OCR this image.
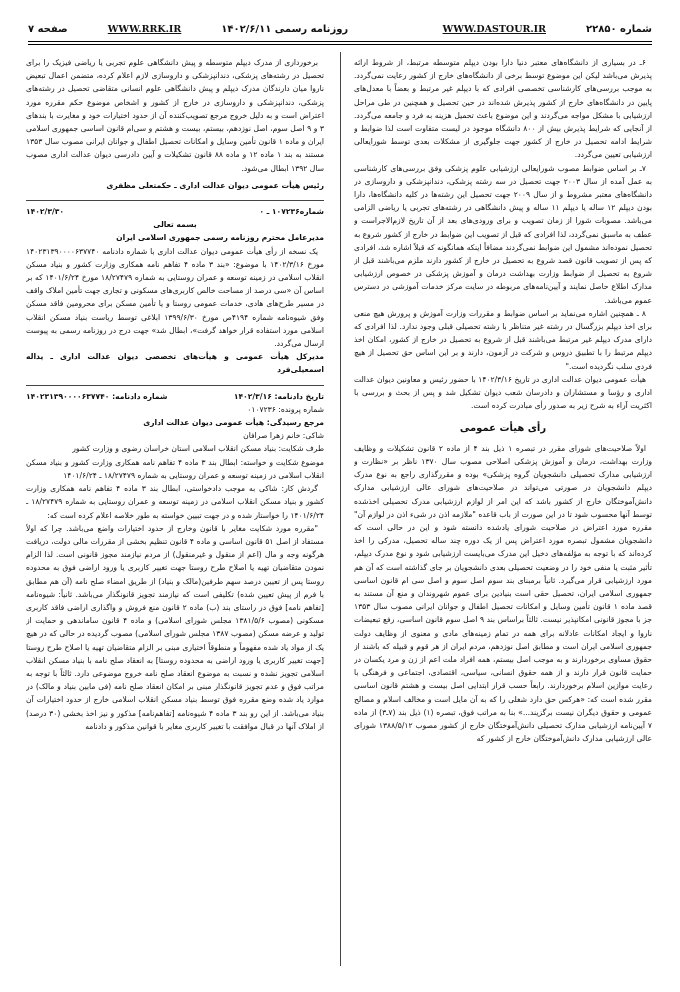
شماره ۲۲۸۵۰
WWW.DASTOUR.IR
روزنامه رسمی ۱۴۰۲/۶/۱۱
WWW.RRK.IR
صفحه ۷

۶ـ در بسیاری از دانشگاه‌های معتبر دنیا دارا بودن دیپلم متوسطه مرتبط، از شروط ارائه پذیرش می‌باشد لیکن این موضوع توسط برخی از دانشگاه‌های خارج از کشور رعایت نمی‌گردد. به موجب بررسی‌های کارشناسی تخصصی افرادی که با دیپلم غیر مرتبط و بعضاً با معدل‌های پایین در دانشگاه‌های خارج از کشور پذیرش شده‌اند در حین تحصیل و همچنین در طی مراحل ارزشیابی با مشکل مواجه می‌گردند و این موضوع باعث تحمیل هزینه به فرد و جامعه می‌گردد. از آنجایی که شرایط پذیرش بیش از ۸۰۰ دانشگاه موجود در لیست متفاوت است لذا ضوابط و شرایط ادامه تحصیل در خارج از کشور جهت جلوگیری از مشکلات بعدی توسط شورایعالی ارزشیابی تعیین می‌گردد.

۷ـ بر اساس ضوابط مصوب شورایعالی ارزشیابی علوم پزشکی وفق بررسی‌های کارشناسی به عمل آمده از سال ۲۰۰۳ جهت تحصیل در سه رشته پزشکی، دندانپزشکی و داروسازی در دانشگاه‌های معتبر مشروط و از سال ۲۰۰۹ جهت تحصیل این رشته‌ها در کلیه دانشگاه‌ها، دارا بودن دیپلم ۱۲ ساله یا دیپلم ۱۱ ساله و پیش دانشگاهی در رشته‌های تجربی یا ریاضی الزامی می‌باشد. مصوبات شورا از زمان تصویب و برای ورودی‌های بعد از آن تاریخ لازم‌الاجراست و عطف به ماسبق نمی‌گردد، لذا افرادی که قبل از تصویب این ضوابط در خارج از کشور شروع به تحصیل نموده‌اند مشمول این ضوابط نمی‌گردند مضافاً اینکه همانگونه که قبلاً اشاره شد، افرادی که پس از تصویب قانون قصد شروع به تحصیل در خارج از کشور دارند ملزم می‌باشند قبل از شروع به تحصیل از ضوابط وزارت بهداشت درمان و آموزش پزشکی در خصوص ارزشیابی مدارک اطلاع حاصل نمایند و آیین‌نامه‌های مربوطه در سایت مرکز خدمات آموزشی در دسترس عموم می‌باشد.

۸ ـ همچنین اشاره می‌نماید بر اساس ضوابط و مقررات وزارت آموزش و پرورش هیچ منعی برای اخذ دیپلم بزرگسال در رشته غیر متناظر با رشته تحصیلی قبلی وجود ندارد. لذا افرادی که دارای مدرک دیپلم غیر مرتبط می‌باشند قبل از شروع به تحصیل در خارج از کشور، امکان اخذ دیپلم مرتبط را با تطبیق دروس و شرکت در آزمون، دارند و بر این اساس حق تحصیل از هیچ فردی سلب نگردیده است."

هیأت عمومی دیوان عدالت اداری در تاریخ ۱۴۰۲/۳/۱۶ با حضور رئیس و معاونین دیوان عدالت اداری و رؤسا و مستشاران و دادرسان شعب دیوان تشکیل شد و پس از بحث و بررسی با اکثریت آراء به شرح زیر به صدور رأی مبادرت کرده است.

رأی هیأت عمومی

اولاً صلاحیت‌های شورای مقرر در تبصره ۱ ذیل بند ۴ از ماده ۲ قانون تشکیلات و وظایف وزارت بهداشت، درمان و آموزش پزشکی اصلاحی مصوب سال ۱۳۷۰ ناظر بر «نظارت و ارزشیابی مدارک تحصیلی دانشجویان گروه پزشکی» بوده و مقررگذاری راجع به نوع مدرک دیپلم دانشجویان در صورتی می‌تواند در صلاحیت‌های شورای عالی ارزشیابی مدارک دانش‌آموختگان خارج از کشور باشد که این امر از لوازم ارزشیابی مدرک تحصیلی اخذشده توسط آنها محسوب شود تا در این صورت از باب قاعده "ملازمه اذن در شیء اذن در لوازم آن" مقرره مورد اعتراض در صلاحیت شورای یادشده دانسته شود و این در حالی است که دانشجویان مشمول تبصره مورد اعتراض پس از یک دوره چند ساله تحصیل، مدرکی را اخذ کرده‌اند که با توجه به مؤلفه‌های دخیل این مدرک می‌بایست ارزشیابی شود و نوع مدرک دیپلم، تأثیر مثبت یا منفی خود را در وضعیت تحصیلی بعدی دانشجویان بر جای گذاشته است که آن هم مورد ارزشیابی قرار می‌گیرد. ثانیاً برمبنای بند سوم اصل سوم و اصل سی ام قانون اساسی جمهوری اسلامی ایران، تحصیل حقی است بنیادین برای عموم شهروندان و منع آن مستند به قصد ماده ۱ قانون تأمین وسایل و امکانات تحصیل اطفال و جوانان ایرانی مصوب سال ۱۳۵۳ جز با مجوز قانونی امکانپذیر نیست. ثالثاً براساس بند ۹ اصل سوم قانون اساسی، رفع تبعیضات ناروا و ایجاد امکانات عادلانه برای همه در تمام زمینه‌های مادی و معنوی از وظایف دولت جمهوری اسلامی ایران است و مطابق اصل نوزدهم، مردم ایران از هر قوم و قبیله که باشند از حقوق مساوی برخوردارند و به موجب اصل بیستم، همه افراد ملت اعم از زن و مرد یکسان در حمایت قانون قرار دارند و از همه حقوق انسانی، سیاسی، اقتصادی، اجتماعی و فرهنگی با رعایت موازین اسلام برخوردارند. رابعاً حسب قرار ابتدایی اصل بیست و هشتم قانون اساسی مقرر شده است که: «هرکس حق دارد شغلی را که به آن مایل است و مخالف اسلام و مصالح عمومی و حقوق دیگران نیست برگزیند...» بنا به مراتب فوق، تبصره (۱) ذیل بند (۷ـ۳) از ماده ۷ آیین‌نامه ارزشیابی مدارک تحصیلی دانش‌آموختگان خارج از کشور مصوب ۱۳۸۸/۵/۱۲ شورای عالی ارزشیابی مدارک دانش‌آموختگان خارج از کشور که

برخورداری از مدرک دیپلم متوسطه و پیش دانشگاهی علوم تجربی یا ریاضی فیزیک را برای تحصیل در رشته‌های پزشکی، دندانپزشکی و داروسازی لازم اعلام کرده، متضمن اعمال تبعیض ناروا میان دارندگان مدرک دیپلم و پیش دانشگاهی علوم انسانی متقاضی تحصیل در رشته‌های پزشکی، دندانپزشکی و داروسازی در خارج از کشور و اشخاص موضوع حکم مقرره مورد اعتراض است و به دلیل خروج مرجع تصویب‌کننده آن از حدود اختیارات خود و مغایرت با بندهای ۳ و ۹ اصل سوم، اصل نوزدهم، بیستم، بیست و هشتم و سی‌ام قانون اساسی جمهوری اسلامی ایران و ماده ۱ قانون تأمین وسایل و امکانات تحصیل اطفال و جوانان ایرانی مصوب سال ۱۳۵۳ مستند به بند ۱ ماده ۱۲ و ماده ۸۸ قانون تشکیلات و آیین دادرسی دیوان عدالت اداری مصوب سال ۱۳۹۲ ابطال می‌شود.

رئیس هیأت عمومی دیوان عدالت اداری ـ حکمتعلی مظفری
شماره۱۰۷۲۳۶ ـ ۰
۱۴۰۲/۳/۳۰
بسمه تعالی
مدیرعامل محترم روزنامه رسمی جمهوری اسلامی ایران

یک نسخه از رأی هیأت عمومی دیوان عدالت اداری با شماره دادنامه ۱۴۰۲۳۱۳۹۰۰۰۰۶۳۷۷۴۰ مورخ ۱۴۰۲/۳/۱۶ با موضوع: «بند ۳ ماده ۴ تفاهم نامه همکاری وزارت کشور و بنیاد مسکن انقلاب اسلامی در زمینه توسعه و عمران روستایی به شماره ۱۸/۲۷۴۷۹ مورخ ۱۴۰۱/۶/۲۴ که بر اساس آن «سی درصد از مساحت خالص کاربری‌های مسکونی و تجاری جهت تأمین املاک واقف در مسیر طرح‌های هادی، خدمات عمومی روستا و یا تأمین مسکن برای محرومین فاقد مسکن وفق شیوه‌نامه شماره ۴۱۹۴ص مورخ ۱۳۹۹/۶/۳۰ ابلاغی توسط ریاست بنیاد مسکن انقلاب اسلامی مورد استفاده قرار خواهد گرفت»، ابطال شد» جهت درج در روزنامه رسمی به پیوست ارسال می‌گردد.

مدیرکل هیأت عمومی و هیأت‌های تخصصی دیوان عدالت اداری ـ یداله اسمعیلی‌فرد
تاریخ دادنامه: ۱۴۰۲/۳/۱۶
شماره دادنامه: ۱۴۰۲۳۱۳۹۰۰۰۰۶۳۷۷۴۰
شماره پرونده: ۰۱۰۷۲۳۶
مرجع رسیدگی: هیأت عمومی دیوان عدالت اداری
شاکی: خانم زهرا صرافان
طرف شکایت: بنیاد مسکن انقلاب اسلامی استان خراسان رضوی و وزارت کشور
موضوع شکایت و خواسته: ابطال بند ۳ ماده ۴ تفاهم نامه همکاری وزارت کشور و بنیاد مسکن انقلاب اسلامی در زمینه توسعه و عمران روستایی به شماره ۱۸/۲۷۴۷۹ ـ ۱۴۰۱/۶/۲۴

گردش کار: شاکی به موجب دادخواستی، ابطال بند ۳ ماده ۴ تفاهم نامه همکاری وزارت کشور و بنیاد مسکن انقلاب اسلامی در زمینه توسعه و عمران روستایی به شماره ۱۸/۲۷۴۷۹ ـ ۱۴۰۱/۶/۲۴ را خواستار شده و در جهت تبیین خواسته به طور خلاصه اعلام کرده است که:

"مقرره مورد شکایت مغایر با قانون وخارج از حدود اختیارات واضع می‌باشد. چرا که اولاً مستفاد از اصل ۵۱ قانون اساسی و ماده ۴ قانون تنظیم بخشی از مقررات مالی دولت، دریافت هرگونه وجه و مال (اعم از منقول و غیرمنقول) از مردم نیازمند مجوز قانونی است. لذا الزام نمودن متقاضیان تهیه یا اصلاح طرح روستا جهت تغییر کاربری یا ورود اراضی فوق به محدوده روستا پس از تعیین درصد سهم طرفین(مالک و بنیاد) از طریق امضاء صلح نامه (آن هم مطابق با فرم از پیش تعیین شده) تکلیفی است که نیازمند تجویز قانونگذار می‌باشد. ثانیاً: شیوه‌نامه [تفاهم نامه] فوق در راستای بند (ب) ماده ۲ قانون منع فروش و واگذاری اراضی فاقد کاربری مسکونی (مصوب ۱۳۸۱/۵/۶ مجلس شورای اسلامی) و ماده ۴ قانون ساماندهی و حمایت از تولید و عرضه مسکن (مصوب ۱۳۸۷ مجلس شورای اسلامی) مصوب گردیده در حالی که در هیچ یک از مواد یاد شده مفهوماً و منطوقاً اختیاری مبنی بر الزام متقاضیان تهیه یا اصلاح طرح روستا [جهت تغییر کاربری یا ورود اراضی به محدوده روستا] به انعقاد صلح نامه با بنیاد مسکن انقلاب اسلامی تجویز نشده و نسبت به موضوع انعقاد صلح نامه خروج موضوعی دارد. ثالثاً با توجه به مراتب فوق و عدم تجویز قانونگذار مبنی بر امکان انعقاد صلح نامه (فی مابین بنیاد و مالک) در موارد یاد شده وضع مقرره فوق توسط بنیاد مسکن انقلاب اسلامی خارج از حدود اختیارات آن بنیاد می‌باشد. از این رو بند ۳ ماده ۴ شیوه‌نامه [تفاهم‌نامه] مذکور و نیز اخذ بخشی (۳۰ درصد) از املاک آنها در قبال موافقت با تغییر کاربری مغایر با قوانین مذکور و دادنامه
